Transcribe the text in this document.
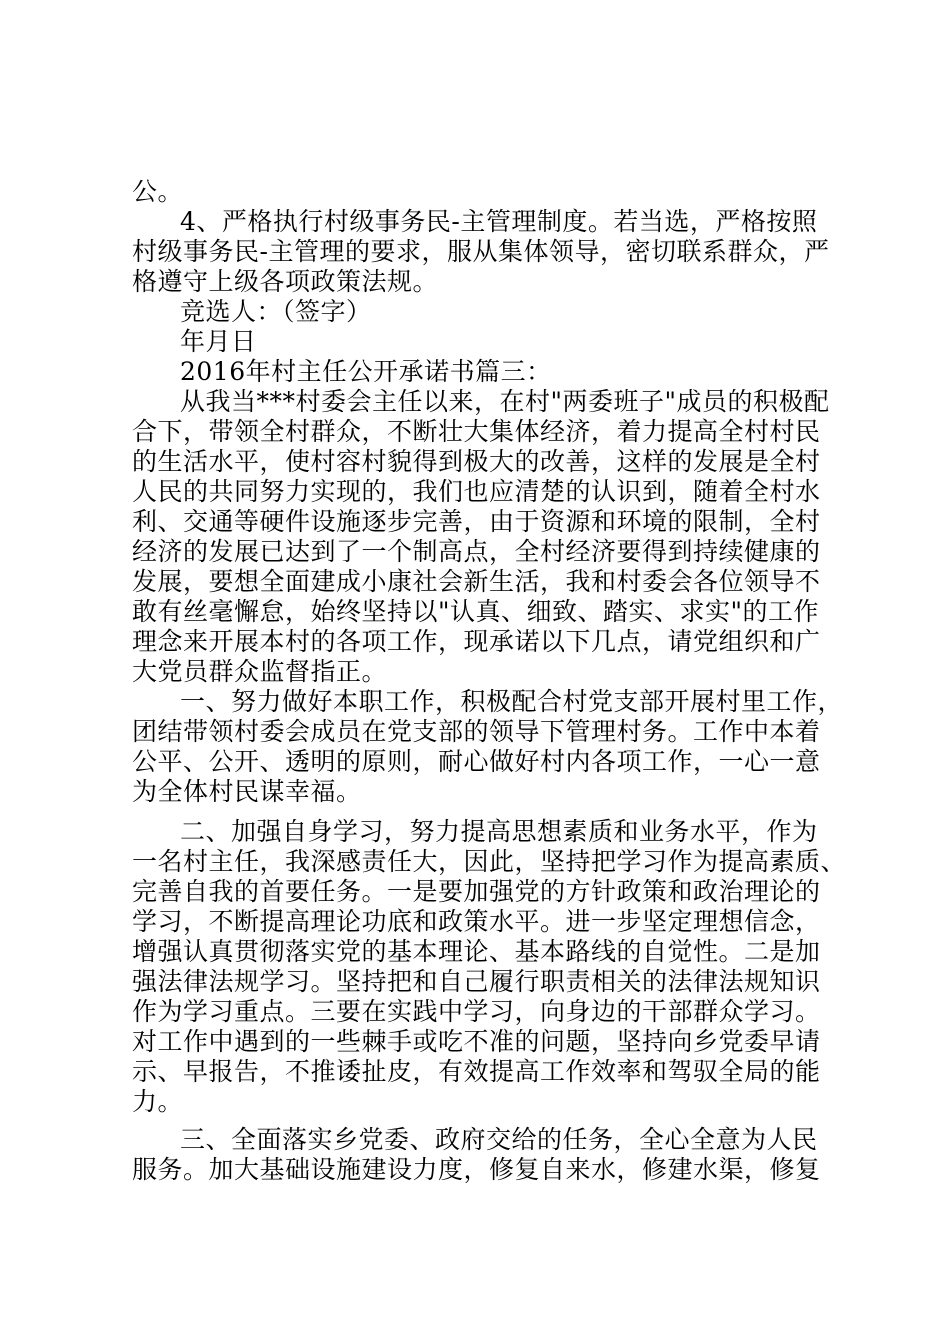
公。
4、严格执行村级事务民-主管理制度。若当选，严格按照
村级事务民-主管理的要求，服从集体领导，密切联系群众，严
格遵守上级各项政策法规。
竞选人：（签字）
年月日
2016年村主任公开承诺书篇三：
从我当***村委会主任以来，在村"两委班子"成员的积极配
合下，带领全村群众，不断壮大集体经济，着力提高全村村民
的生活水平，使村容村貌得到极大的改善，这样的发展是全村
人民的共同努力实现的，我们也应清楚的认识到，随着全村水
利、交通等硬件设施逐步完善，由于资源和环境的限制，全村
经济的发展已达到了一个制高点，全村经济要得到持续健康的
发展，要想全面建成小康社会新生活，我和村委会各位领导不
敢有丝毫懈怠，始终坚持以"认真、细致、踏实、求实"的工作
理念来开展本村的各项工作，现承诺以下几点，请党组织和广
大党员群众监督指正。
一、努力做好本职工作，积极配合村党支部开展村里工作，
团结带领村委会成员在党支部的领导下管理村务。工作中本着
公平、公开、透明的原则，耐心做好村内各项工作，一心一意
为全体村民谋幸福。
二、加强自身学习，努力提高思想素质和业务水平，作为
一名村主任，我深感责任大，因此，坚持把学习作为提高素质、
完善自我的首要任务。一是要加强党的方针政策和政治理论的
学习，不断提高理论功底和政策水平。进一步坚定理想信念，
增强认真贯彻落实党的基本理论、基本路线的自觉性。二是加
强法律法规学习。坚持把和自己履行职责相关的法律法规知识
作为学习重点。三要在实践中学习，向身边的干部群众学习。
对工作中遇到的一些棘手或吃不准的问题，坚持向乡党委早请
示、早报告，不推诿扯皮，有效提高工作效率和驾驭全局的能
力。
三、全面落实乡党委、政府交给的任务，全心全意为人民
服务。加大基础设施建设力度，修复自来水，修建水渠，修复
